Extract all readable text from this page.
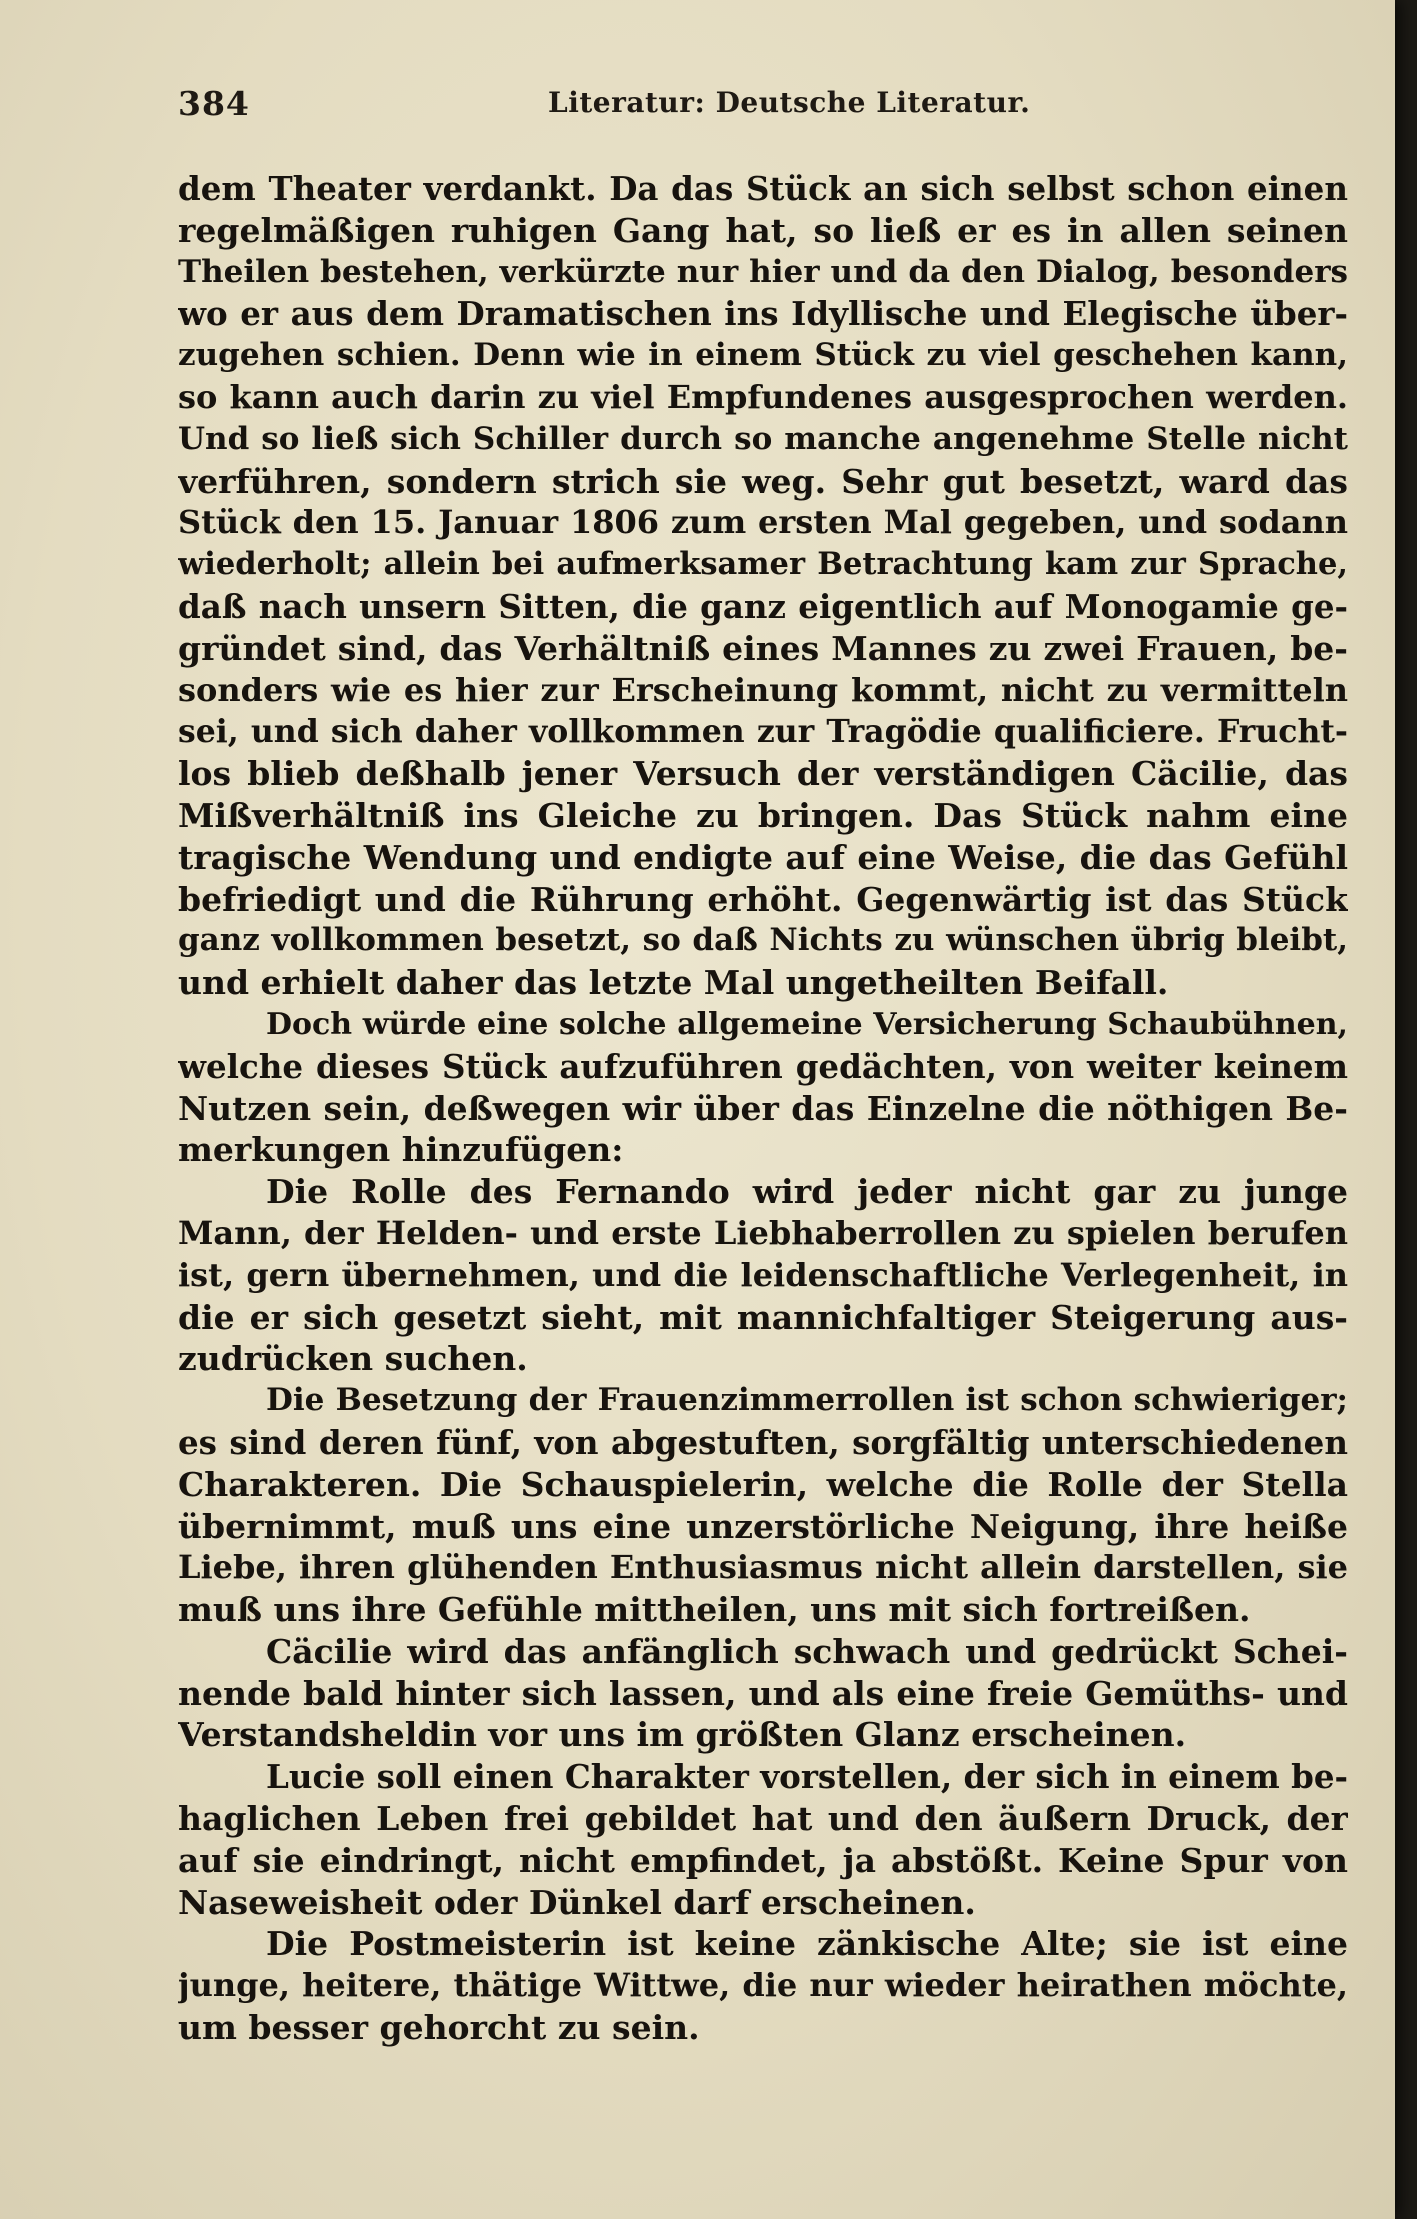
384	Literatur: Deutsche Literatur.
dem Theater verdankt. Da das Stück an sich selbst schon einen
regelmäßigen ruhigen Gang hat, so ließ er es in allen seinen
Theilen bestehen, verkürzte nur hier und da den Dialog, besonders
wo er aus dem Dramatischen ins Idyllische und Elegische über-
zugehen schien. Denn wie in einem Stück zu viel geschehen kann,
so kann auch darin zu viel Empfundenes ausgesprochen werden.
Und so ließ sich Schiller durch so manche angenehme Stelle nicht
verführen, sondern strich sie weg. Sehr gut besetzt, ward das
Stück den 15. Januar 1806 zum ersten Mal gegeben, und sodann
wiederholt; allein bei aufmerksamer Betrachtung kam zur Sprache,
daß nach unsern Sitten, die ganz eigentlich auf Monogamie ge-
gründet sind, das Verhältniß eines Mannes zu zwei Frauen, be-
sonders wie es hier zur Erscheinung kommt, nicht zu vermitteln
sei, und sich daher vollkommen zur Tragödie qualificiere. Frucht-
los blieb deßhalb jener Versuch der verständigen Cäcilie, das
Mißverhältniß ins Gleiche zu bringen. Das Stück nahm eine
tragische Wendung und endigte auf eine Weise, die das Gefühl
befriedigt und die Rührung erhöht. Gegenwärtig ist das Stück
ganz vollkommen besetzt, so daß Nichts zu wünschen übrig bleibt,
und erhielt daher das letzte Mal ungetheilten Beifall.
Doch würde eine solche allgemeine Versicherung Schaubühnen,
welche dieses Stück aufzuführen gedächten, von weiter keinem
Nutzen sein, deßwegen wir über das Einzelne die nöthigen Be-
merkungen hinzufügen:
Die Rolle des Fernando wird jeder nicht gar zu junge
Mann, der Helden- und erste Liebhaberrollen zu spielen berufen
ist, gern übernehmen, und die leidenschaftliche Verlegenheit, in
die er sich gesetzt sieht, mit mannichfaltiger Steigerung aus-
zudrücken suchen.
Die Besetzung der Frauenzimmerrollen ist schon schwieriger;
es sind deren fünf, von abgestuften, sorgfältig unterschiedenen
Charakteren. Die Schauspielerin, welche die Rolle der Stella
übernimmt, muß uns eine unzerstörliche Neigung, ihre heiße
Liebe, ihren glühenden Enthusiasmus nicht allein darstellen, sie
muß uns ihre Gefühle mittheilen, uns mit sich fortreißen.
Cäcilie wird das anfänglich schwach und gedrückt Schei-
nende bald hinter sich lassen, und als eine freie Gemüths- und
Verstandsheldin vor uns im größten Glanz erscheinen.
Lucie soll einen Charakter vorstellen, der sich in einem be-
haglichen Leben frei gebildet hat und den äußern Druck, der
auf sie eindringt, nicht empfindet, ja abstößt. Keine Spur von
Naseweisheit oder Dünkel darf erscheinen.
Die Postmeisterin ist keine zänkische Alte; sie ist eine
junge, heitere, thätige Wittwe, die nur wieder heirathen möchte,
um besser gehorcht zu sein.
